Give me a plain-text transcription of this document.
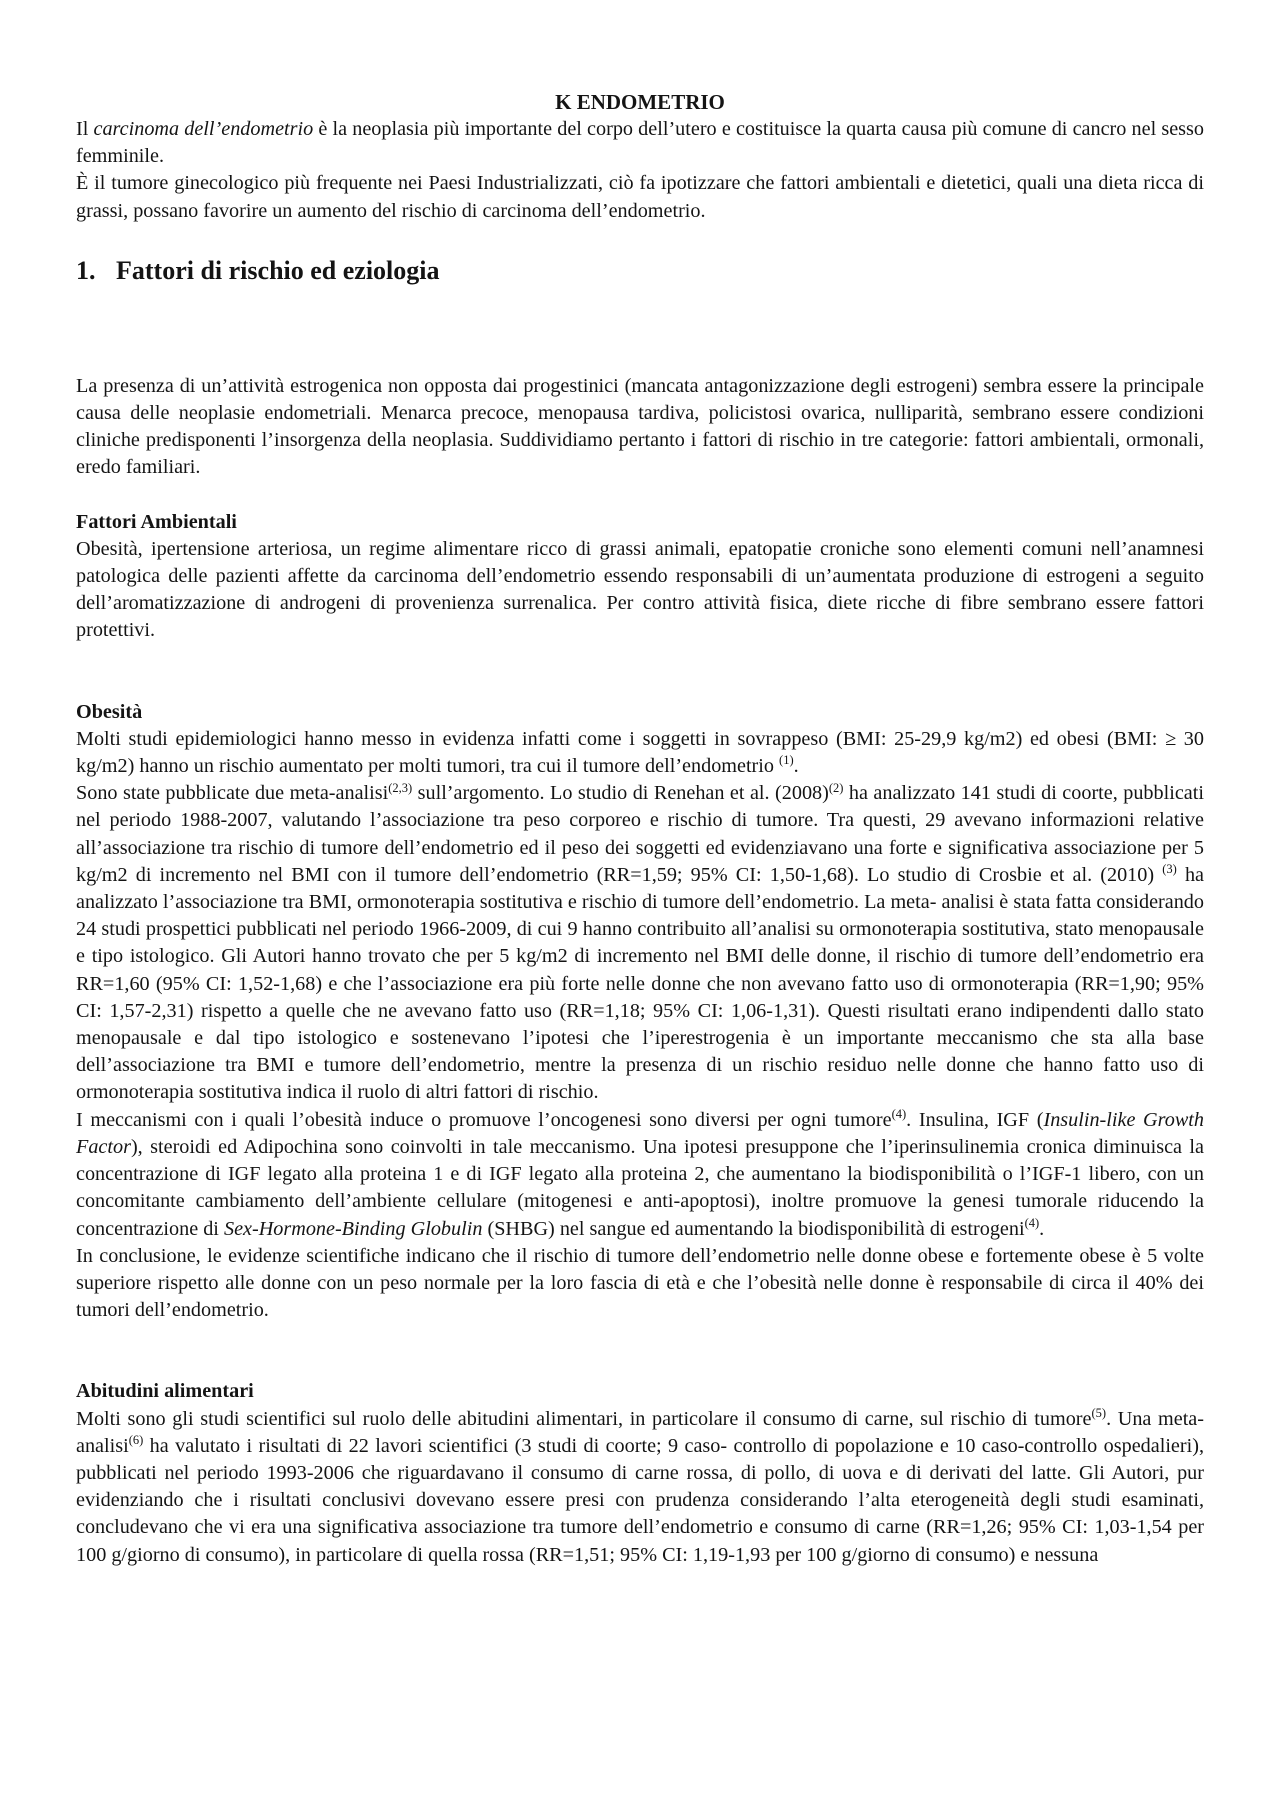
K ENDOMETRIO

Il carcinoma dell’endometrio è la neoplasia più importante del corpo dell’utero e costituisce la quarta causa più comune di cancro nel sesso femminile.

È il tumore ginecologico più frequente nei Paesi Industrializzati, ciò fa ipotizzare che fattori ambientali e dietetici, quali una dieta ricca di grassi, possano favorire un aumento del rischio di carcinoma dell’endometrio.

1. Fattori di rischio ed eziologia

La presenza di un’attività estrogenica non opposta dai progestinici (mancata antagonizzazione degli estrogeni) sembra essere la principale causa delle neoplasie endometriali. Menarca precoce, menopausa tardiva, policistosi ovarica, nulliparità, sembrano essere condizioni cliniche predisponenti l’insorgenza della neoplasia. Suddividiamo pertanto i fattori di rischio in tre categorie: fattori ambientali, ormonali, eredo familiari.

Fattori Ambientali

Obesità, ipertensione arteriosa, un regime alimentare ricco di grassi animali, epatopatie croniche sono elementi comuni nell’anamnesi patologica delle pazienti affette da carcinoma dell’endometrio essendo responsabili di un’aumentata produzione di estrogeni a seguito dell’aromatizzazione di androgeni di provenienza surrenalica. Per contro attività fisica, diete ricche di fibre sembrano essere fattori protettivi.

Obesità

Molti studi epidemiologici hanno messo in evidenza infatti come i soggetti in sovrappeso (BMI: 25-29,9 kg/m2) ed obesi (BMI: ≥ 30 kg/m2) hanno un rischio aumentato per molti tumori, tra cui il tumore dell’endometrio $^{(1)}$.

Sono state pubblicate due meta-analisi$^{(2,3)}$ sull’argomento. Lo studio di Renehan et al. $(2008)^{(2)}$ ha analizzato 141 studi di coorte, pubblicati nel periodo 1988-2007, valutando l’associazione tra peso corporeo e rischio di tumore. Tra questi, 29 avevano informazioni relative all’associazione tra rischio di tumore dell’endometrio ed il peso dei soggetti ed evidenziavano una forte e significativa associazione per 5 kg/m2 di incremento nel BMI con il tumore dell’endometrio (RR=1,59; 95% CI: 1,50-1,68). Lo studio di Crosbie et al. (2010) $^{(3)}$ ha analizzato l’associazione tra BMI, ormonoterapia sostitutiva e rischio di tumore dell’endometrio. La meta- analisi è stata fatta considerando 24 studi prospettici pubblicati nel periodo 1966-2009, di cui 9 hanno contribuito all’analisi su ormonoterapia sostitutiva, stato menopausale e tipo istologico. Gli Autori hanno trovato che per 5 kg/m2 di incremento nel BMI delle donne, il rischio di tumore dell’endometrio era RR=1,60 (95% CI: 1,52-1,68) e che l’associazione era più forte nelle donne che non avevano fatto uso di ormonoterapia (RR=1,90; 95% CI: 1,57-2,31) rispetto a quelle che ne avevano fatto uso (RR=1,18; 95% CI: 1,06-1,31). Questi risultati erano indipendenti dallo stato menopausale e dal tipo istologico e sostenevano l’ipotesi che l’iperestrogenia è un importante meccanismo che sta alla base dell’associazione tra BMI e tumore dell’endometrio, mentre la presenza di un rischio residuo nelle donne che hanno fatto uso di ormonoterapia sostitutiva indica il ruolo di altri fattori di rischio.

I meccanismi con i quali l’obesità induce o promuove l’oncogenesi sono diversi per ogni tumore$^{(4)}$. Insulina, IGF (Insulin-like Growth Factor), steroidi ed Adipochina sono coinvolti in tale meccanismo. Una ipotesi presuppone che l’iperinsulinemia cronica diminuisca la concentrazione di IGF legato alla proteina 1 e di IGF legato alla proteina 2, che aumentano la biodisponibilità o l’IGF-1 libero, con un concomitante cambiamento dell’ambiente cellulare (mitogenesi e anti-apoptosi), inoltre promuove la genesi tumorale riducendo la concentrazione di Sex-Hormone-Binding Globulin (SHBG) nel sangue ed aumentando la biodisponibilità di estrogeni$^{(4)}$.

In conclusione, le evidenze scientifiche indicano che il rischio di tumore dell’endometrio nelle donne obese e fortemente obese è 5 volte superiore rispetto alle donne con un peso normale per la loro fascia di età e che l’obesità nelle donne è responsabile di circa il 40% dei tumori dell’endometrio.

Abitudini alimentari

Molti sono gli studi scientifici sul ruolo delle abitudini alimentari, in particolare il consumo di carne, sul rischio di tumore$^{(5)}$. Una meta-analisi$^{(6)}$ ha valutato i risultati di 22 lavori scientifici (3 studi di coorte; 9 caso- controllo di popolazione e 10 caso-controllo ospedalieri), pubblicati nel periodo 1993-2006 che riguardavano il consumo di carne rossa, di pollo, di uova e di derivati del latte. Gli Autori, pur evidenziando che i risultati conclusivi dovevano essere presi con prudenza considerando l’alta eterogeneità degli studi esaminati, concludevano che vi era una significativa associazione tra tumore dell’endometrio e consumo di carne (RR=1,26; 95% CI: 1,03-1,54 per 100 g/giorno di consumo), in particolare di quella rossa (RR=1,51; 95% CI: 1,19-1,93 per 100 g/giorno di consumo) e nessuna
